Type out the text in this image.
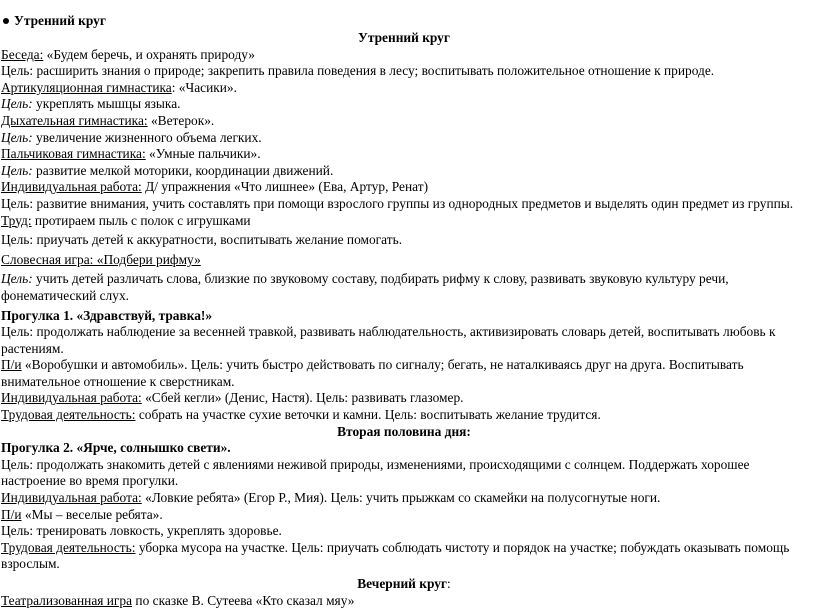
Утренний круг

Утренний круг

Беседа: «Будем беречь, и охранять природу»

Цель: расширить знания о природе; закрепить правила поведения в лесу; воспитывать положительное отношение к природе.

Артикуляционная гимнастика: «Часики».

Цель: укреплять мышцы языка.

Дыхательная гимнастика: «Ветерок».

Цель: увеличение жизненного объема легких.

Пальчиковая гимнастика: «Умные пальчики».

Цель: развитие мелкой моторики, координации движений.

Индивидуальная работа: Д/ упражнения «Что лишнее» (Ева, Артур, Ренат)

Цель: развитие внимания, учить составлять при помощи взрослого группы из однородных предметов и выделять один предмет из группы.

Труд: протираем пыль с полок с игрушками

Цель: приучать детей к аккуратности, воспитывать желание помогать.

Словесная игра: «Подбери рифму»

Цель: учить детей различать слова, близкие по звуковому составу, подбирать рифму к слову, развивать звуковую культуру речи, фонематический слух.

Прогулка 1. «Здравствуй, травка!»

Цель: продолжать наблюдение за весенней травкой, развивать наблюдательность, активизировать словарь детей, воспитывать любовь к растениям.

П/и «Воробушки и автомобиль». Цель: учить быстро действовать по сигналу; бегать, не наталкиваясь друг на друга. Воспитывать внимательное отношение к сверстникам.

Индивидуальная работа: «Сбей кегли» (Денис, Настя). Цель: развивать глазомер.

Трудовая деятельность: собрать на участке сухие веточки и камни. Цель: воспитывать желание трудится.

Вторая половина дня:

Прогулка 2. «Ярче, солнышко свети».

Цель: продолжать знакомить детей с явлениями неживой природы, изменениями, происходящими с солнцем. Поддержать хорошее настроение во время прогулки.

Индивидуальная работа: «Ловкие ребята» (Егор Р., Мия). Цель: учить прыжкам со скамейки на полусогнутые ноги.

П/и «Мы – веселые ребята».

Цель: тренировать ловкость, укреплять здоровье.

Трудовая деятельность: уборка мусора на участке. Цель: приучать соблюдать чистоту и порядок на участке; побуждать оказывать помощь взрослым.

Вечерний круг:

Театрализованная игра по сказке В. Сутеева «Кто сказал мяу»
